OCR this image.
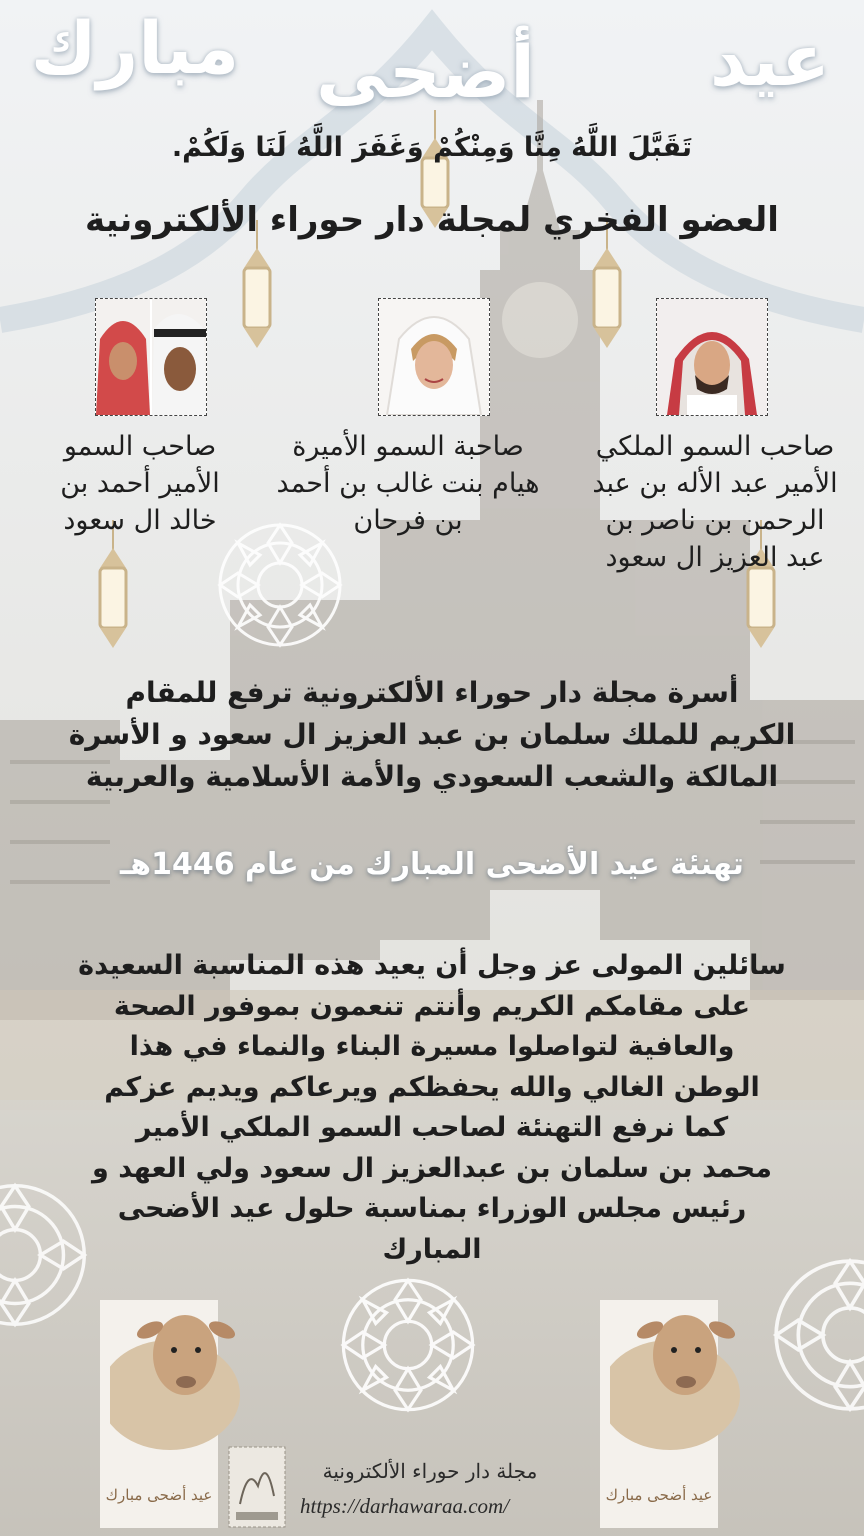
عيد
أضحى
مبارك
تَقَبَّلَ اللَّهُ مِنَّا وَمِنْكُمْ وَغَفَرَ اللَّهُ لَنَا وَلَكُمْ.
العضو الفخري لمجلة دار حوراء الألكترونية
صاحب السمو الملكي
الأمير عبد الأله بن عبد
الرحمن بن ناصر بن
عبد العزيز ال سعود
صاحبة السمو الأميرة
هيام بنت غالب بن أحمد
بن فرحان
صاحب السمو
الأمير أحمد بن
خالد ال سعود
أسرة مجلة دار حوراء الألكترونية ترفع للمقام
الكريم للملك سلمان بن عبد العزيز ال سعود و الأسرة
المالكة والشعب السعودي والأمة الأسلامية والعربية
تهنئة عيد الأضحى المبارك من عام 1446هـ
سائلين المولى عز وجل أن يعيد هذه المناسبة السعيدة
على مقامكم الكريم وأنتم تنعمون بموفور الصحة
والعافية لتواصلوا مسيرة البناء والنماء في هذا
الوطن الغالي والله يحفظكم ويرعاكم ويديم عزكم
كما نرفع التهنئة لصاحب السمو الملكي الأمير
محمد بن سلمان بن عبدالعزيز ال سعود ولي العهد و
رئيس مجلس الوزراء بمناسبة حلول عيد الأضحى
المبارك
عيد أضحى مبارك	عيد أضحى مبارك
مجلة دار حوراء الألكترونية
https://darhawaraa.com/
